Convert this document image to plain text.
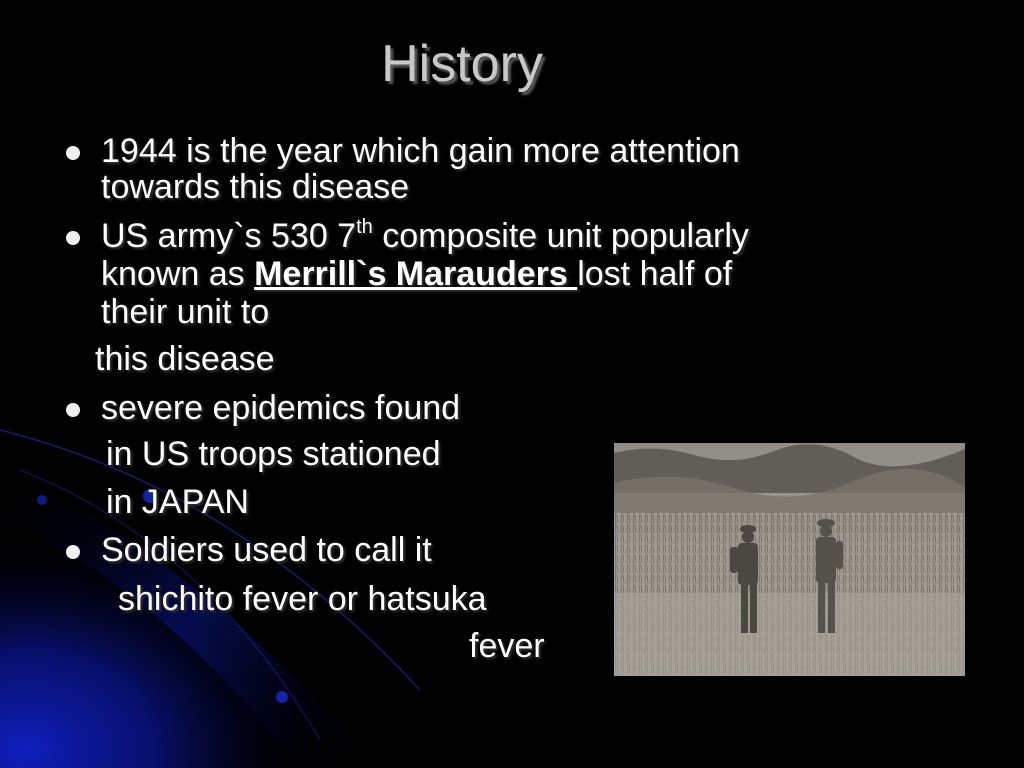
History
1944 is the year which gain more attention
towards this disease
US army`s 530 7th composite unit popularly
known as Merrill`s Marauders lost half of
their unit to
this disease
severe epidemics found
in US troops stationed
in JAPAN
Soldiers used to call it
shichito fever or hatsuka
fever
